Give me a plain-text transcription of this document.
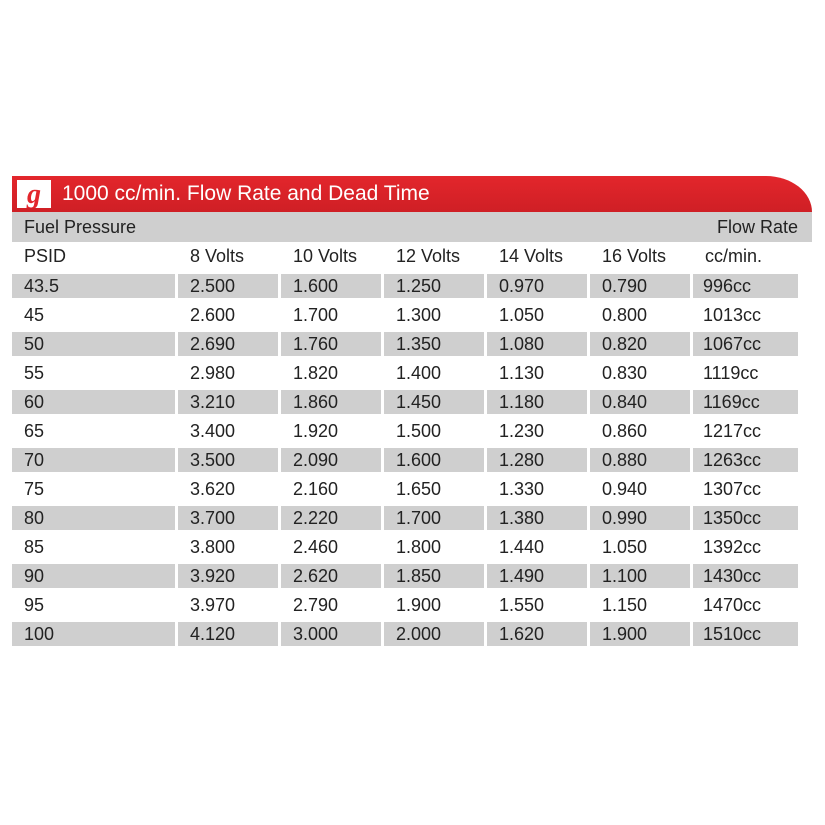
g 1000 cc/min. Flow Rate and Dead Time
Fuel Pressure	Flow Rate
PSID	8 Volts	10 Volts	12 Volts	14 Volts	16 Volts	cc/min.
43.5	2.500	1.600	1.250	0.970	0.790	996cc
45	2.600	1.700	1.300	1.050	0.800	1013cc
50	2.690	1.760	1.350	1.080	0.820	1067cc
55	2.980	1.820	1.400	1.130	0.830	1119cc
60	3.210	1.860	1.450	1.180	0.840	1169cc
65	3.400	1.920	1.500	1.230	0.860	1217cc
70	3.500	2.090	1.600	1.280	0.880	1263cc
75	3.620	2.160	1.650	1.330	0.940	1307cc
80	3.700	2.220	1.700	1.380	0.990	1350cc
85	3.800	2.460	1.800	1.440	1.050	1392cc
90	3.920	2.620	1.850	1.490	1.100	1430cc
95	3.970	2.790	1.900	1.550	1.150	1470cc
100	4.120	3.000	2.000	1.620	1.900	1510cc
